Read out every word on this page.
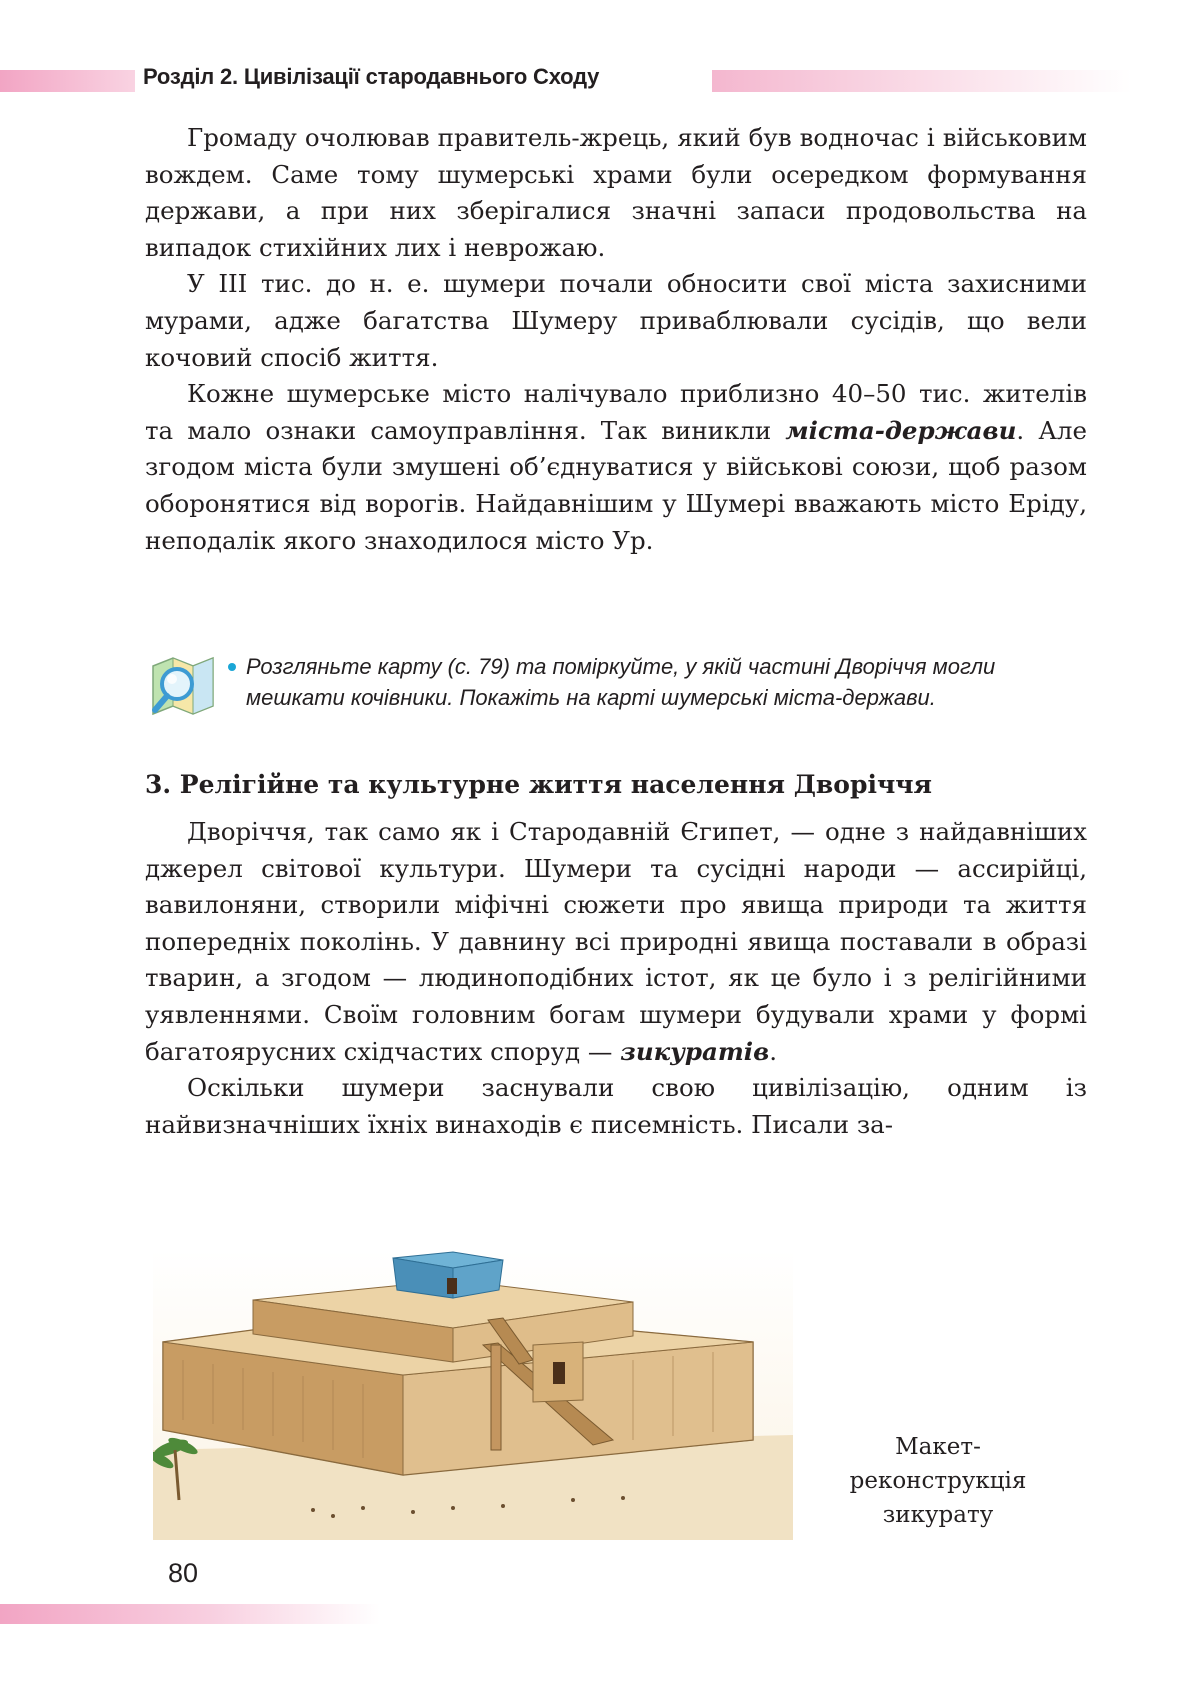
Розділ 2. Цивілізації стародавнього Сходу

Громаду очолював правитель-жрець, який був водночас і військовим вождем. Саме тому шумерські храми були осередком формування держави, а при них зберігалися значні запаси продовольства на випадок стихійних лих і неврожаю.

У III тис. до н. е. шумери почали обносити свої міста захисними мурами, адже багатства Шумеру приваблювали сусідів, що вели кочовий спосіб життя.

Кожне шумерське місто налічувало приблизно 40–50 тис. жителів та мало ознаки самоуправління. Так виникли міста-держави. Але згодом міста були змушені об’єднуватися у військові союзи, щоб разом оборонятися від ворогів. Найдавнішим у Шумері вважають місто Еріду, неподалік якого знаходилося місто Ур.

Розгляньте карту (с. 79) та поміркуйте, у якій частині Дворіччя могли мешкати кочівники. Покажіть на карті шумерські міста-держави.
3. Релігійне та культурне життя населення Дворіччя

Дворіччя, так само як і Стародавній Єгипет, — одне з найдавніших джерел світової культури. Шумери та сусідні народи — ассирійці, вавилоняни, створили міфічні сюжети про явища природи та життя попередніх поколінь. У давнину всі природні явища поставали в образі тварин, а згодом — людиноподібних істот, як це було і з релігійними уявленнями. Своїм головним богам шумери будували храми у формі багатоярусних східчастих споруд — зикуратів.

Оскільки шумери заснували свою цивілізацію, одним із найвизначніших їхніх винаходів є писемність. Писали за-

Макет-
реконструкція
зикурату
80
